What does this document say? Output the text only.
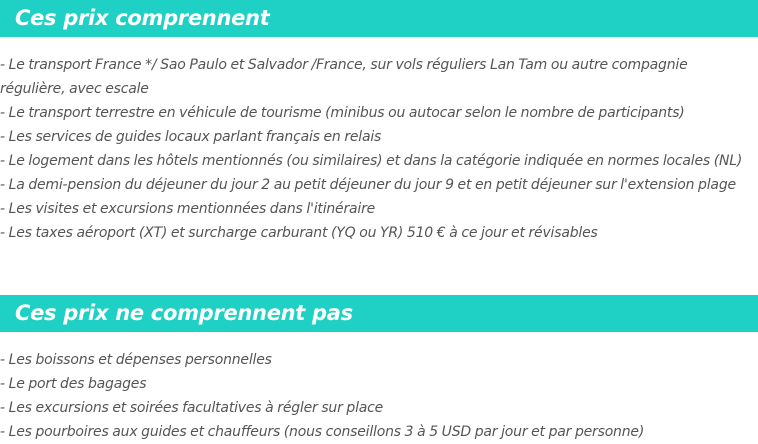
Ces prix comprennent
- Le transport France */ Sao Paulo et Salvador /France, sur vols réguliers Lan Tam ou autre compagnie régulière, avec escale
- Le transport terrestre en véhicule de tourisme (minibus ou autocar selon le nombre de participants)
- Les services de guides locaux parlant français en relais
- Le logement dans les hôtels mentionnés (ou similaires) et dans la catégorie indiquée en normes locales (NL)
- La demi-pension du déjeuner du jour 2 au petit déjeuner du jour 9 et en petit déjeuner sur l'extension plage
- Les visites et excursions mentionnées dans l'itinéraire
- Les taxes aéroport (XT) et surcharge carburant (YQ ou YR) 510 € à ce jour et révisables
Ces prix ne comprennent pas
- Les boissons et dépenses personnelles
- Le port des bagages
- Les excursions et soirées facultatives à régler sur place
- Les pourboires aux guides et chauffeurs (nous conseillons 3 à 5 USD par jour et par personne)
